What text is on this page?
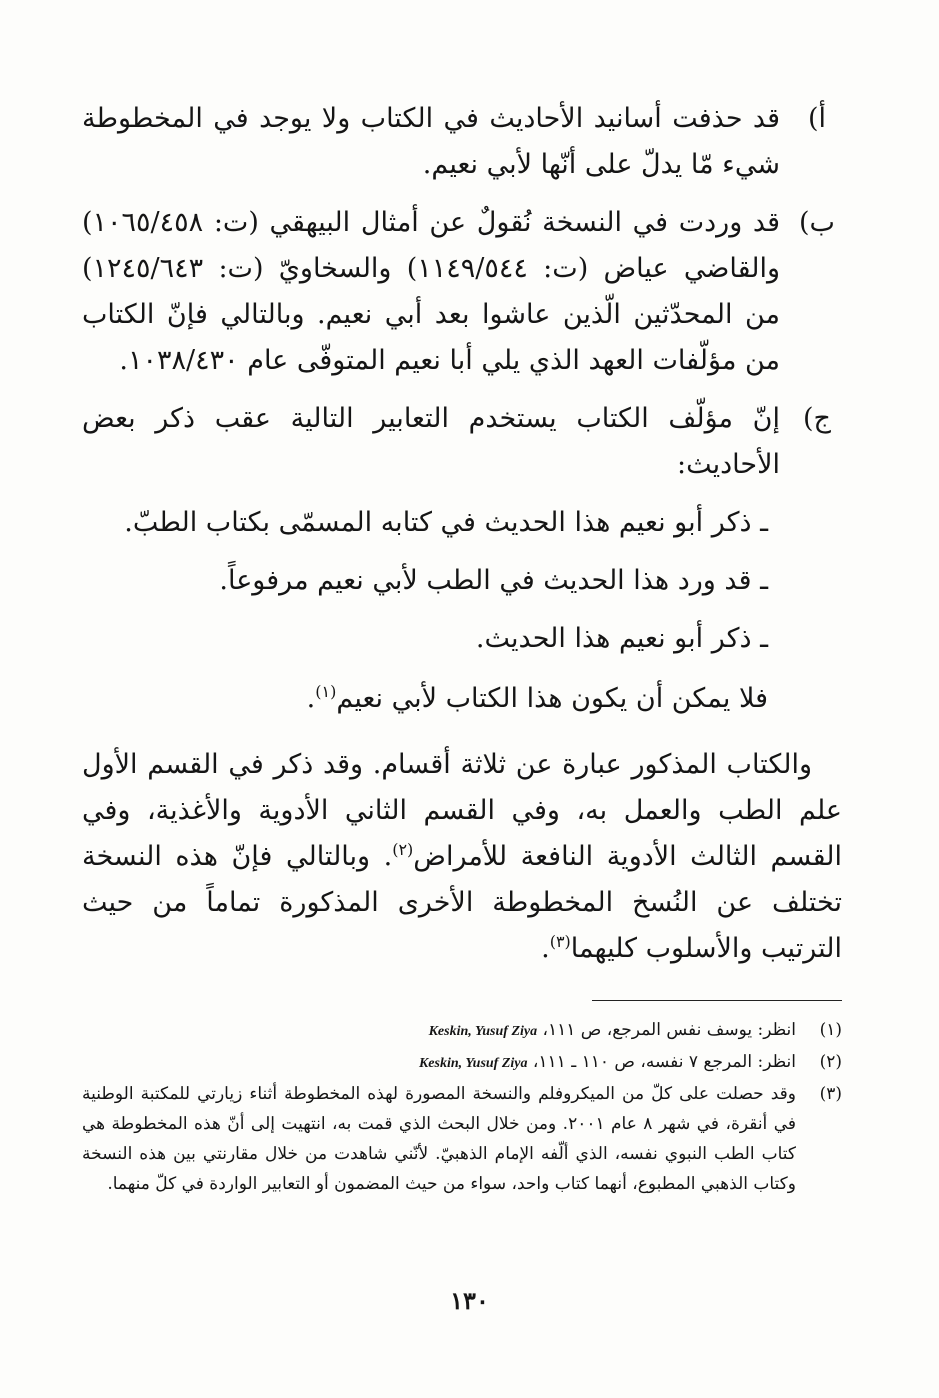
أ)
قد حذفت أسانيد الأحاديث في الكتاب ولا يوجد في المخطوطة شيء مّا يدلّ على أنّها لأبي نعيم.
ب)
قد وردت في النسخة نُقولٌ عن أمثال البيهقي (ت: ١٠٦٥/٤٥٨) والقاضي عياض (ت: ١١٤٩/٥٤٤) والسخاويّ (ت: ١٢٤٥/٦٤٣) من المحدّثين الّذين عاشوا بعد أبي نعيم. وبالتالي فإنّ الكتاب من مؤلّفات العهد الذي يلي أبا نعيم المتوفّى عام ١٠٣٨/٤٣٠.
ج)
إنّ مؤلّف الكتاب يستخدم التعابير التالية عقب ذكر بعض الأحاديث:
ـ ذكر أبو نعيم هذا الحديث في كتابه المسمّى بكتاب الطبّ.
ـ قد ورد هذا الحديث في الطب لأبي نعيم مرفوعاً.
ـ ذكر أبو نعيم هذا الحديث.
فلا يمكن أن يكون هذا الكتاب لأبي نعيم$^{(١)}$.
والكتاب المذكور عبارة عن ثلاثة أقسام. وقد ذكر في القسم الأول علم الطب والعمل به، وفي القسم الثاني الأدوية والأغذية، وفي القسم الثالث الأدوية النافعة للأمراض$^{(٢)}$. وبالتالي فإنّ هذه النسخة تختلف عن النُسخ المخطوطة الأخرى المذكورة تماماً من حيث الترتيب والأسلوب كليهما$^{(٣)}$.
(١)
انظر: يوسف نفس المرجع، ص ١١١، Keskin, Yusuf Ziya
(٢)
انظر: المرجع ٧ نفسه، ص ١١٠ ـ ١١١، Keskin, Yusuf Ziya
(٣)
وقد حصلت على كلّ من الميكروفلم والنسخة المصورة لهذه المخطوطة أثناء زيارتي للمكتبة الوطنية في أنقرة، في شهر ٨ عام ٢٠٠١. ومن خلال البحث الذي قمت به، انتهيت إلى أنّ هذه المخطوطة هي كتاب الطب النبوي نفسه، الذي ألّفه الإمام الذهبيّ. لأنّني شاهدت من خلال مقارنتي بين هذه النسخة وكتاب الذهبي المطبوع، أنهما كتاب واحد، سواء من حيث المضمون أو التعابير الواردة في كلّ منهما.
١٣٠
